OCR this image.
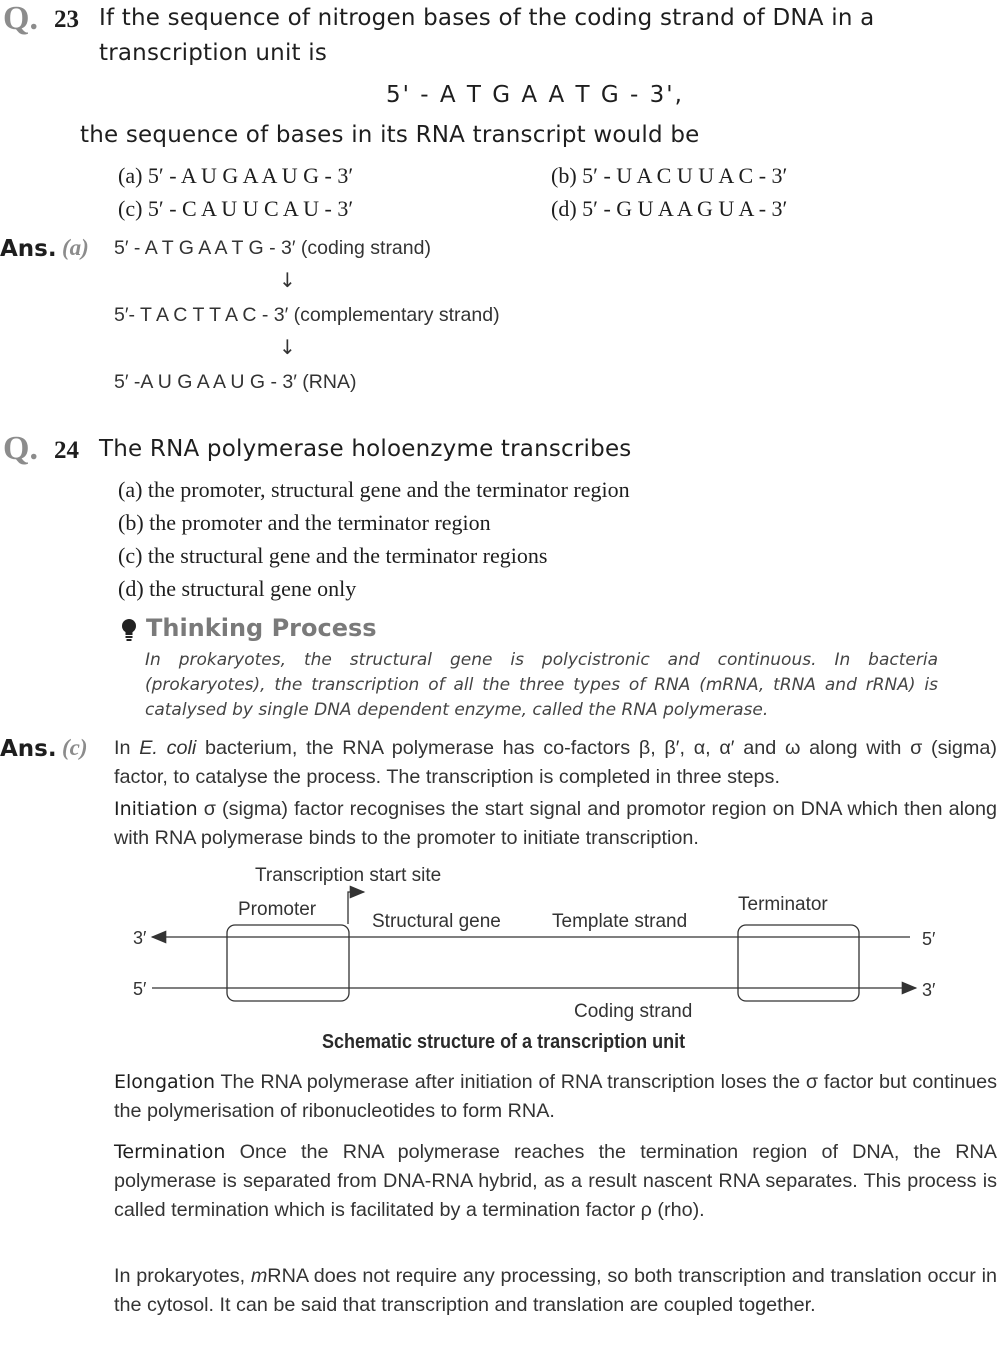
Q. 23 If the sequence of nitrogen bases of the coding strand of DNA in a
transcription unit is
5' - A T G A A T G - 3',
the sequence of bases in its RNA transcript would be
(a) 5′ - A U G A A U G - 3′	(b) 5′ - U A C U U A C - 3′
(c) 5′ - C A U U C A U - 3′	(d) 5′ - G U A A G U A - 3′
Ans. (a) 5′ - A T G A A T G - 3′ (coding strand)
↓
5′- T A C T T A C - 3′ (complementary strand)
↓
5′ -A U G A A U G - 3′ (RNA)
Q. 24 The RNA polymerase holoenzyme transcribes
(a) the promoter, structural gene and the terminator region
(b) the promoter and the terminator region
(c) the structural gene and the terminator regions
(d) the structural gene only
Thinking Process
In prokaryotes, the structural gene is polycistronic and continuous. In bacteria (prokaryotes), the transcription of all the three types of RNA (mRNA, tRNA and rRNA) is catalysed by single DNA dependent enzyme, called the RNA polymerase.
Ans. (c) In E. coli bacterium, the RNA polymerase has co-factors β, β′, α, α′ and ω along with σ (sigma) factor, to catalyse the process. The transcription is completed in three steps.
Initiation σ (sigma) factor recognises the start signal and promotor region on DNA which then along with RNA polymerase binds to the promoter to initiate transcription.
Transcription start site
Promoter
Structural gene	Template strand
Terminator
Coding strand
3′	5′
5′	3′
Schematic structure of a transcription unit
Elongation The RNA polymerase after initiation of RNA transcription loses the σ factor but continues the polymerisation of ribonucleotides to form RNA.
Termination Once the RNA polymerase reaches the termination region of DNA, the RNA polymerase is separated from DNA-RNA hybrid, as a result nascent RNA separates. This process is called termination which is facilitated by a termination factor ρ (rho).
In prokaryotes, mRNA does not require any processing, so both transcription and translation occur in the cytosol. It can be said that transcription and translation are coupled together.
